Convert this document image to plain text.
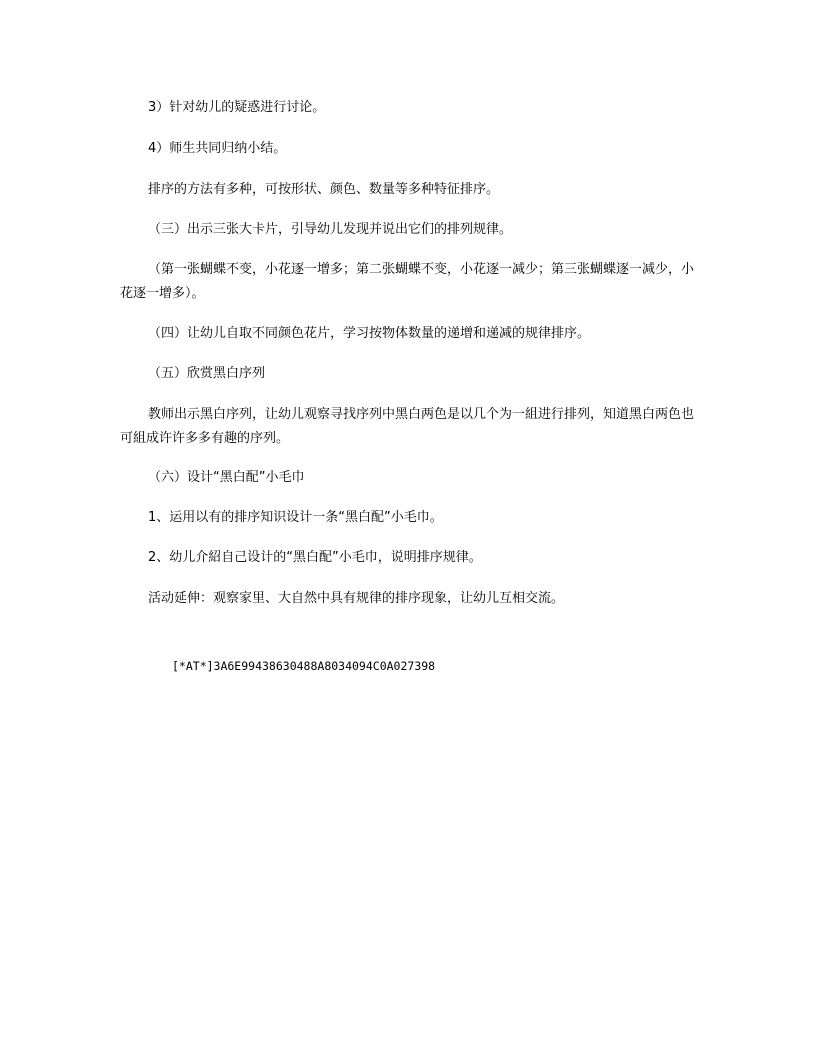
3）针对幼儿的疑惑进行讨论。

4）师生共同归纳小结。

排序的方法有多种，可按形状、颜色、数量等多种特征排序。

（三）出示三张大卡片，引导幼儿发现并说出它们的排列规律。

（第一张蝴蝶不变，小花逐一增多；第二张蝴蝶不变，小花逐一减少；第三张蝴蝶逐一减少，小花逐一增多）。

（四）让幼儿自取不同颜色花片，学习按物体数量的递增和递减的规律排序。

（五）欣赏黑白序列

教师出示黑白序列，让幼儿观察寻找序列中黑白两色是以几个为一組进行排列，知道黑白两色也可組成许许多多有趣的序列。

（六）设计“黑白配”小毛巾

1、运用以有的排序知识设计一条“黑白配”小毛巾。

2、幼儿介紹自己设计的“黑白配”小毛巾，说明排序规律。

活动延伸：观察家里、大自然中具有规律的排序现象，让幼儿互相交流。

[*AT*]3A6E99438630488A8034094C0A027398
